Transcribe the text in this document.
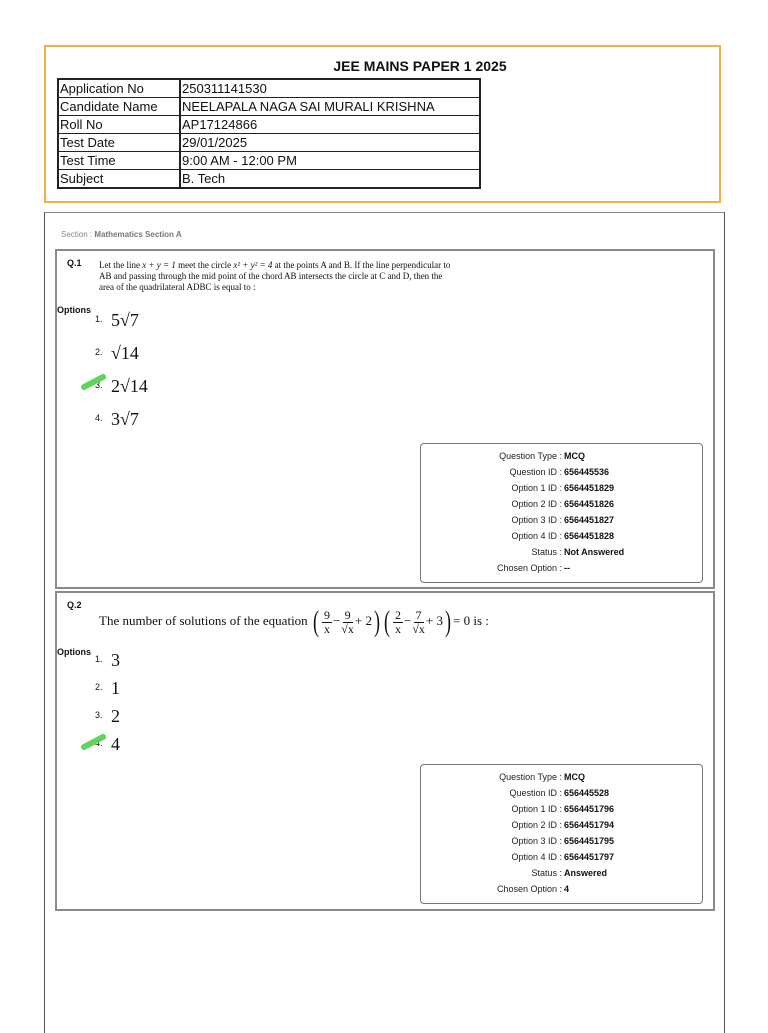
JEE MAINS PAPER 1 2025
Application No	250311141530
Candidate Name	NEELAPALA NAGA SAI MURALI KRISHNA
Roll No	AP17124866
Test Date	29/01/2025
Test Time	9:00 AM - 12:00 PM
Subject	B. Tech
Section : Mathematics Section A
Q.1 Let the line x + y = 1 meet the circle x² + y² = 4 at the points A and B. If the line perpendicular to
AB and passing through the mid point of the chord AB intersects the circle at C and D, then the
area of the quadrilateral ADBC is equal to :
Options
1. 5√7
2. √14
3. 2√14
4. 3√7
Question Type : MCQ
Question ID : 656445536
Option 1 ID : 6564451829
Option 2 ID : 6564451826
Option 3 ID : 6564451827
Option 4 ID : 6564451828
Status : Not Answered
Chosen Option : --
Q.2
The number of solutions of the equation ( $\frac{9}{x} - \frac{9}{√x} + 2$) ( $\frac{2}{x} - \frac{7}{√x} + 3) = 0$ is :
Options
1. 3
2. 1
3. 2
4. 4
Question Type : MCQ
Question ID : 656445528
Option 1 ID : 6564451796
Option 2 ID : 6564451794
Option 3 ID : 6564451795
Option 4 ID : 6564451797
Status : Answered
Chosen Option : 4
